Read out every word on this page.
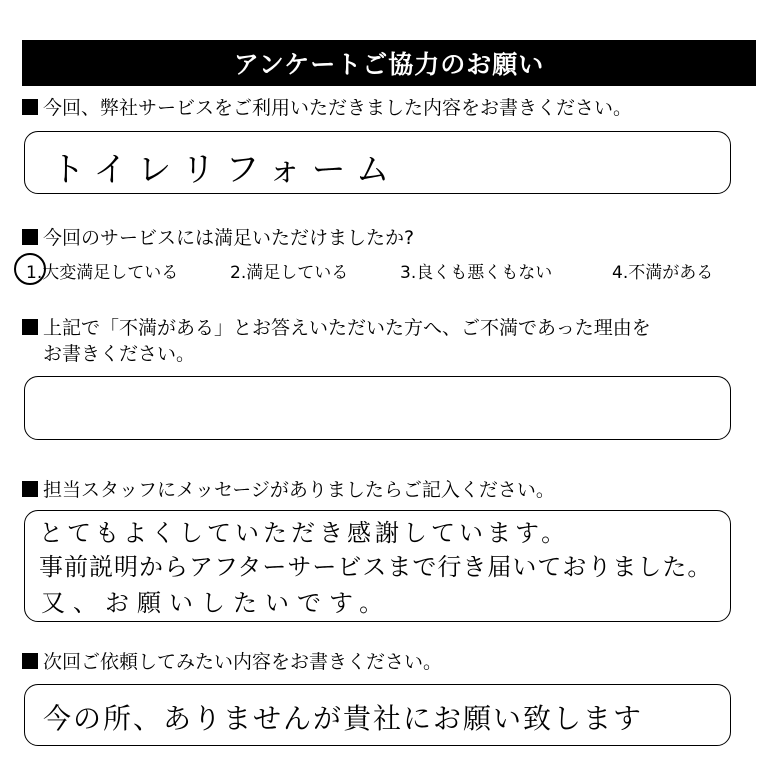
アンケートご協力のお願い
今回、弊社サービスをご利用いただきました内容をお書きください。
トイレリフォーム
今回のサービスには満足いただけましたか?
1.大変満足している	2.満足している	3.良くも悪くもない	4.不満がある
上記で「不満がある」とお答えいただいた方へ、ご不満であった理由を
お書きください。
担当スタッフにメッセージがありましたらご記入ください。
とてもよくしていただき感謝しています。
事前説明からアフターサービスまで行き届いておりました。
又、お願いしたいです。
次回ご依頼してみたい内容をお書きください。
今の所、ありませんが貴社にお願い致します
